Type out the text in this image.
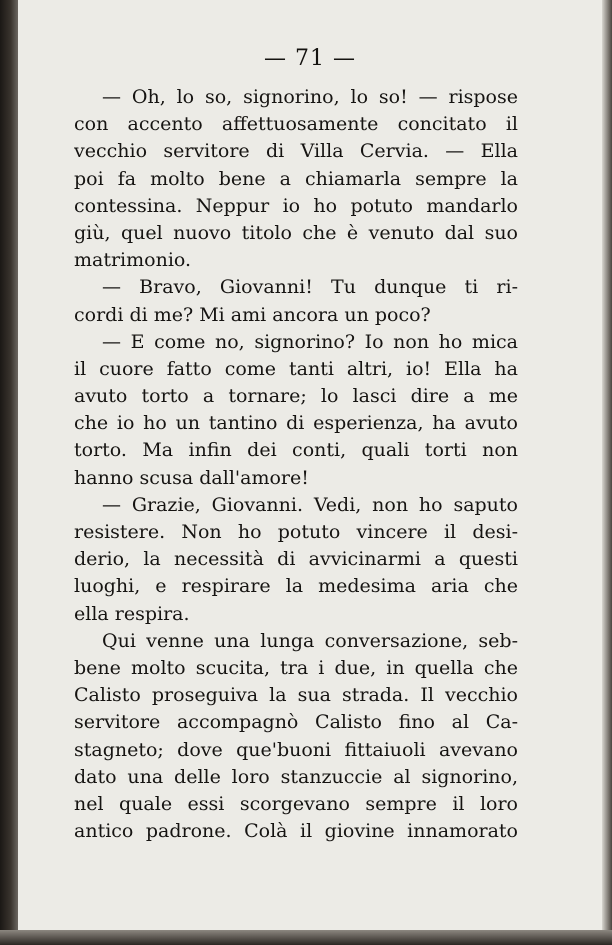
— 71 —
— Oh, lo so, signorino, lo so! — rispose
con accento affettuosamente concitato il
vecchio servitore di Villa Cervia. — Ella
poi fa molto bene a chiamarla sempre la
contessina. Neppur io ho potuto mandarlo
giù, quel nuovo titolo che è venuto dal suo
matrimonio.
— Bravo, Giovanni! Tu dunque ti ri-
cordi di me? Mi ami ancora un poco?
— E come no, signorino? Io non ho mica
il cuore fatto come tanti altri, io! Ella ha
avuto torto a tornare; lo lasci dire a me
che io ho un tantino di esperienza, ha avuto
torto. Ma infin dei conti, quali torti non
hanno scusa dall'amore!
— Grazie, Giovanni. Vedi, non ho saputo
resistere. Non ho potuto vincere il desi-
derio, la necessità di avvicinarmi a questi
luoghi, e respirare la medesima aria che
ella respira.
Qui venne una lunga conversazione, seb-
bene molto scucita, tra i due, in quella che
Calisto proseguiva la sua strada. Il vecchio
servitore accompagnò Calisto fino al Ca-
stagneto; dove que'buoni fittaiuoli avevano
dato una delle loro stanzuccie al signorino,
nel quale essi scorgevano sempre il loro
antico padrone. Colà il giovine innamorato
